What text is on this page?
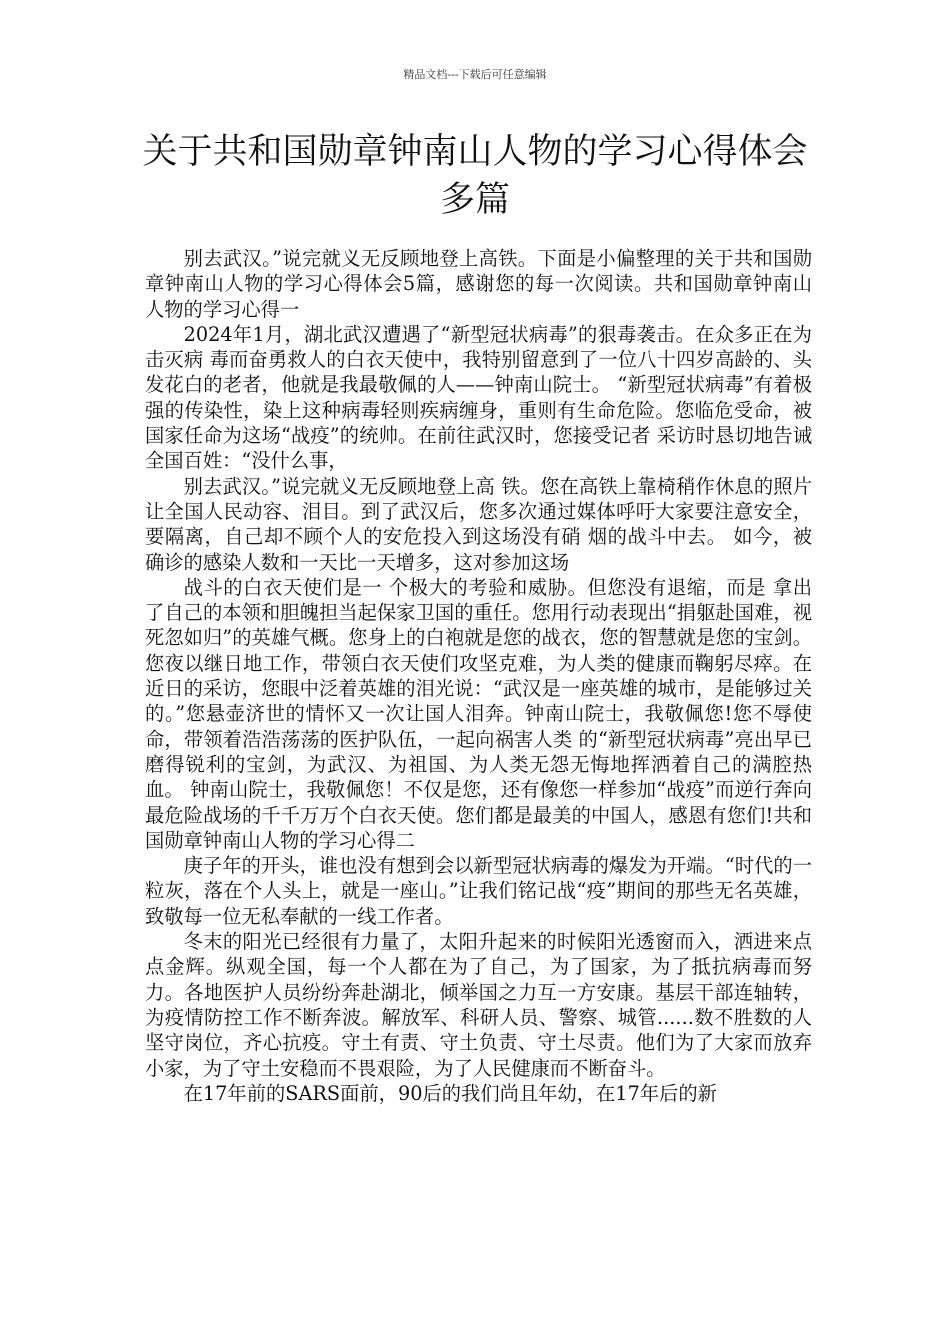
精品文档---下载后可任意编辑
关于共和国勋章钟南山人物的学习心得体会多篇

别去武汉。”说完就义无反顾地登上高铁。下面是小偏整理的关于共和国勋章钟南山人物的学习心得体会5篇，感谢您的每一次阅读。共和国勋章钟南山人物的学习心得一

2024年1月，湖北武汉遭遇了“新型冠状病毒”的狠毒袭击。在众多正在为击灭病 毒而奋勇救人的白衣天使中，我特别留意到了一位八十四岁高龄的、头发花白的老者，他就是我最敬佩的人——钟南山院士。 “新型冠状病毒”有着极强的传染性，染上这种病毒轻则疾病缠身，重则有生命危险。您临危受命，被国家任命为这场“战疫”的统帅。在前往武汉时，您接受记者 采访时恳切地告诫全国百姓：“没什么事，

别去武汉。”说完就义无反顾地登上高 铁。您在高铁上靠椅稍作休息的照片让全国人民动容、泪目。到了武汉后，您多次通过媒体呼吁大家要注意安全，要隔离，自己却不顾个人的安危投入到这场没有硝 烟的战斗中去。 如今，被确诊的感染人数和一天比一天增多，这对参加这场

战斗的白衣天使们是一 个极大的考验和威胁。但您没有退缩，而是 拿出了自己的本领和胆魄担当起保家卫国的重任。您用行动表现出“捐躯赴国难，视死忽如归”的英雄气概。您身上的白袍就是您的战衣，您的智慧就是您的宝剑。 您夜以继日地工作，带领白衣天使们攻坚克难，为人类的健康而鞠躬尽瘁。在近日的采访，您眼中泛着英雄的泪光说：“武汉是一座英雄的城市，是能够过关的。”您悬壶济世的情怀又一次让国人泪奔。钟南山院士，我敬佩您!您不辱使命，带领着浩浩荡荡的医护队伍，一起向祸害人类 的“新型冠状病毒”亮出早已磨得锐利的宝剑，为武汉、为祖国、为人类无怨无悔地挥洒着自己的满腔热血。 钟南山院士，我敬佩您！不仅是您，还有像您一样参加“战疫”而逆行奔向最危险战场的千千万万个白衣天使。您们都是最美的中国人，感恩有您们!共和国勋章钟南山人物的学习心得二

庚子年的开头，谁也没有想到会以新型冠状病毒的爆发为开端。“时代的一粒灰，落在个人头上，就是一座山。”让我们铭记战“疫”期间的那些无名英雄，致敬每一位无私奉献的一线工作者。

冬末的阳光已经很有力量了，太阳升起来的时候阳光透窗而入，洒进来点点金辉。纵观全国，每一个人都在为了自己，为了国家，为了抵抗病毒而努力。各地医护人员纷纷奔赴湖北，倾举国之力互一方安康。基层干部连轴转，为疫情防控工作不断奔波。解放军、科研人员、警察、城管......数不胜数的人坚守岗位，齐心抗疫。守土有责、守土负责、守土尽责。他们为了大家而放弃小家，为了守土安稳而不畏艰险，为了人民健康而不断奋斗。

在17年前的SARS面前，90后的我们尚且年幼，在17年后的新
